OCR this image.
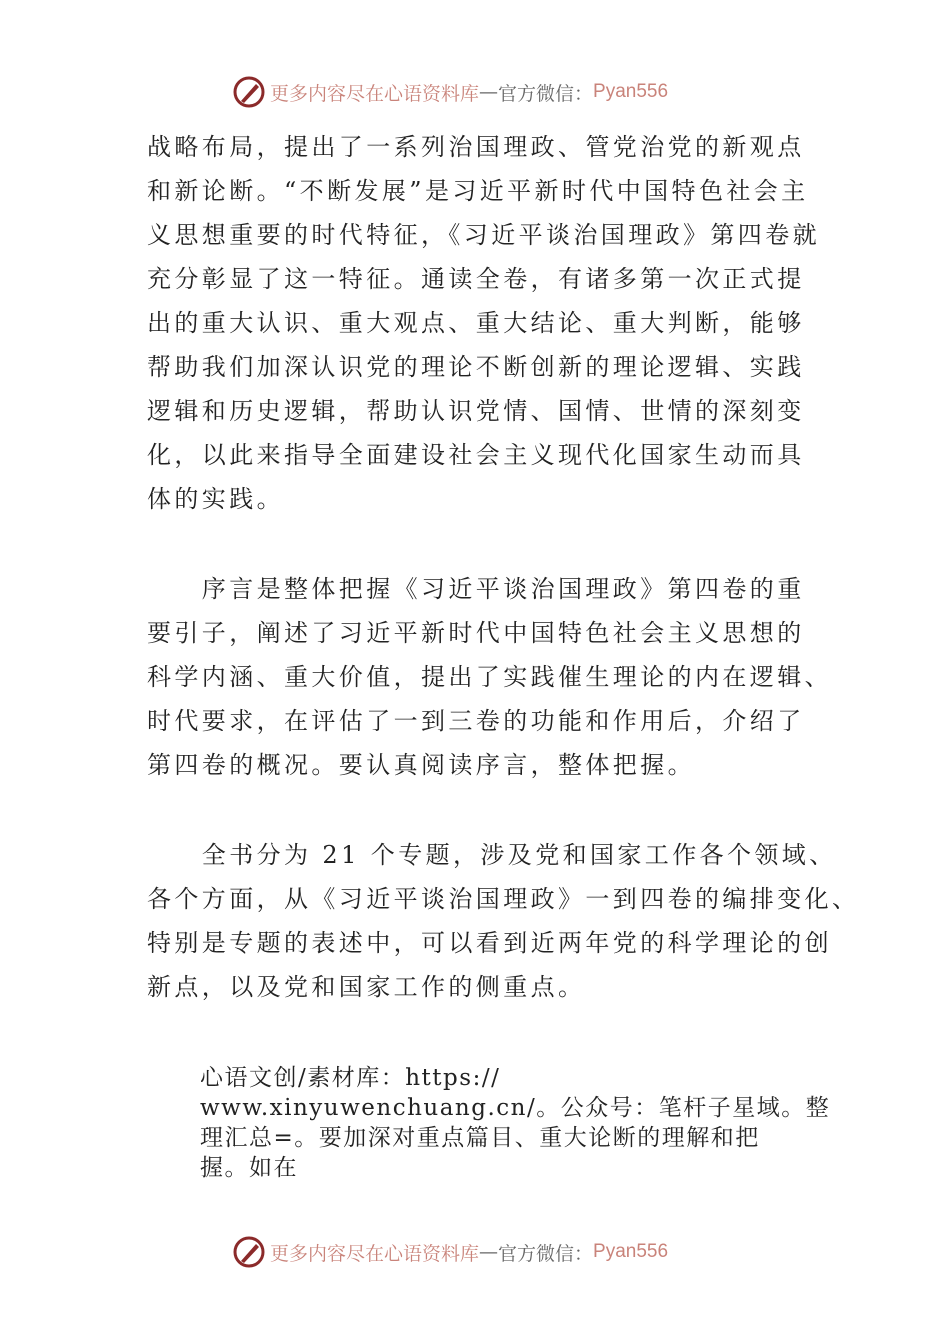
更多内容尽在心语资料库 — 官方微信： Pyan556
战略布局，提出了一系列治国理政、管党治党的新观点
和新论断。“不断发展”是习近平新时代中国特色社会主
义思想重要的时代特征，《习近平谈治国理政》第四卷就
充分彰显了这一特征。通读全卷，有诸多第一次正式提
出的重大认识、重大观点、重大结论、重大判断，能够
帮助我们加深认识党的理论不断创新的理论逻辑、实践
逻辑和历史逻辑，帮助认识党情、国情、世情的深刻变
化，以此来指导全面建设社会主义现代化国家生动而具
体的实践。
　　序言是整体把握《习近平谈治国理政》第四卷的重
要引子，阐述了习近平新时代中国特色社会主义思想的
科学内涵、重大价值，提出了实践催生理论的内在逻辑、
时代要求，在评估了一到三卷的功能和作用后，介绍了
第四卷的概况。要认真阅读序言，整体把握。
　　全书分为 21 个专题，涉及党和国家工作各个领域、
各个方面，从《习近平谈治国理政》一到四卷的编排变化、
特别是专题的表述中，可以看到近两年党的科学理论的创
新点，以及党和国家工作的侧重点。
心语文创/素材库：https://
www.xinyuwenchuang.cn/。公众号：笔杆子星域。整
理汇总=。要加深对重点篇目、重大论断的理解和把
握。如在
更多内容尽在心语资料库 — 官方微信： Pyan556
